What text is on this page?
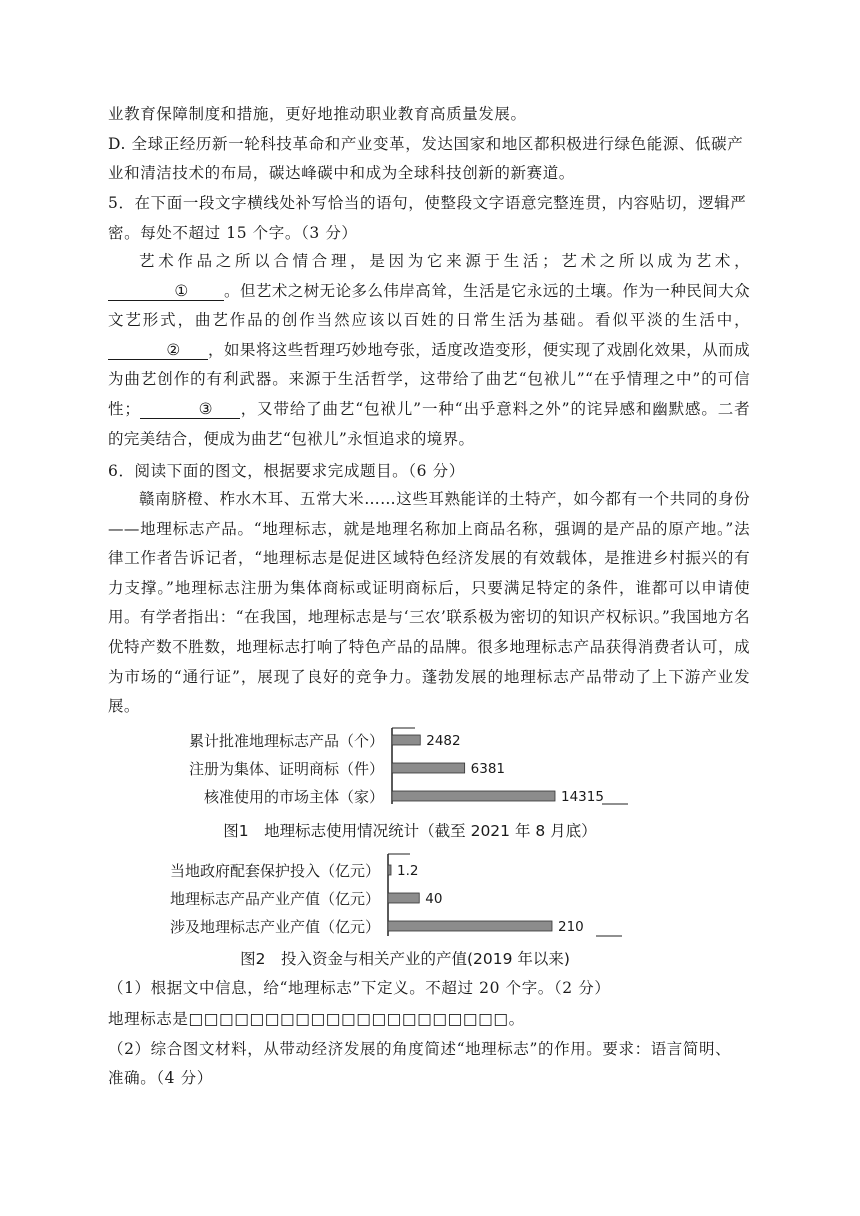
业教育保障制度和措施，更好地推动职业教育高质量发展。
D. 全球正经历新一轮科技革命和产业变革，发达国家和地区都积极进行绿色能源、低碳产
业和清洁技术的布局，碳达峰碳中和成为全球科技创新的新赛道。
5．在下面一段文字横线处补写恰当的语句，使整段文字语意完整连贯，内容贴切，逻辑严
密。每处不超过 15 个字。（3 分）
艺术作品之所以合情合理，是因为它来源于生活；艺术之所以成为艺术，① 。但艺术之树无论多么伟岸高耸，生活是它永远的土壤。作为一种民间大众文艺形式，曲艺作品的创作当然应该以百姓的日常生活为基础。看似平淡的生活中，② ，如果将这些哲理巧妙地夸张，适度改造变形，便实现了戏剧化效果，从而成为曲艺创作的有利武器。来源于生活哲学，这带给了曲艺“包袱儿”“在乎情理之中”的可信性；	③ ，又带给了曲艺“包袱儿”一种“出乎意料之外”的诧异感和幽默感。二者的完美结合，便成为曲艺“包袱儿”永恒追求的境界。
6．阅读下面的图文，根据要求完成题目。（6 分）
赣南脐橙、柞水木耳、五常大米……这些耳熟能详的土特产，如今都有一个共同的身份——地理标志产品。“地理标志，就是地理名称加上商品名称，强调的是产品的原产地。”法律工作者告诉记者，“地理标志是促进区域特色经济发展的有效载体，是推进乡村振兴的有力支撑。”地理标志注册为集体商标或证明商标后，只要满足特定的条件，谁都可以申请使用。有学者指出：“在我国，地理标志是与‘三农’联系极为密切的知识产权标识。”我国地方名优特产数不胜数，地理标志打响了特色产品的品牌。很多地理标志产品获得消费者认可，成为市场的“通行证”，展现了良好的竞争力。蓬勃发展的地理标志产品带动了上下游产业发展。
累计批准地理标志产品（个）	2482
注册为集体、证明商标（件）	6381
核准使用的市场主体（家）	14315
图1　地理标志使用情况统计（截至 2021 年 8 月底）
当地政府配套保护投入（亿元） 1.2
地理标志产品产业产值（亿元）	40
涉及地理标志产业产值（亿元）	210
图2　投入资金与相关产业的产值(2019 年以来)
（1）根据文中信息，给“地理标志”下定义。不超过 20 个字。（2 分）
地理标志是□□□□□□□□□□□□□□□□□□□□□。
（2）综合图文材料，从带动经济发展的角度简述“地理标志”的作用。要求：语言简明、
准确。（4 分）
